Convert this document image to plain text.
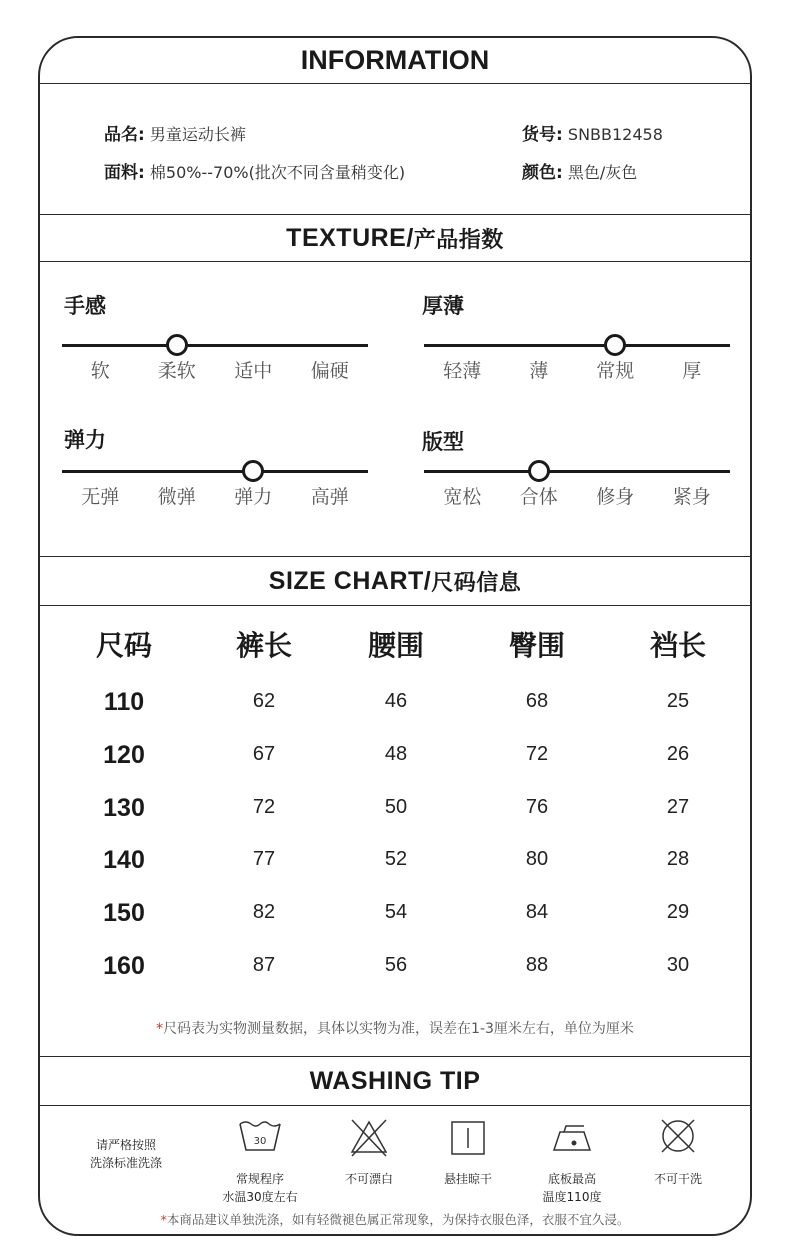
INFORMATION
品名: 男童运动长裤	货号: SNBB12458
面料: 棉50%--70%(批次不同含量稍变化)	颜色: 黑色/灰色
TEXTURE/ 产品指数
手感
软	柔软	适中	偏硬
厚薄
轻薄	薄	常规	厚
弹力
无弹	微弹	弹力	高弹
版型
宽松	合体	修身	紧身
SIZE CHART/ 尺码信息
尺码	裤长	腰围	臀围	裆长
110	62	46	68	25
120	67	48	72	26
130	72	50	76	27
140	77	52	80	28
150	82	54	84	29
160	87	56	88	30
*尺码表为实物测量数据，具体以实物为准，误差在1-3厘米左右，单位为厘米
WASHING TIP
请严格按照
洗涤标准洗涤
30
常规程序
水温30度左右
不可漂白	悬挂晾干	底板最高
温度110度
不可干洗
*本商品建议单独洗涤，如有轻微褪色属正常现象，为保持衣服色泽，衣服不宜久浸。
